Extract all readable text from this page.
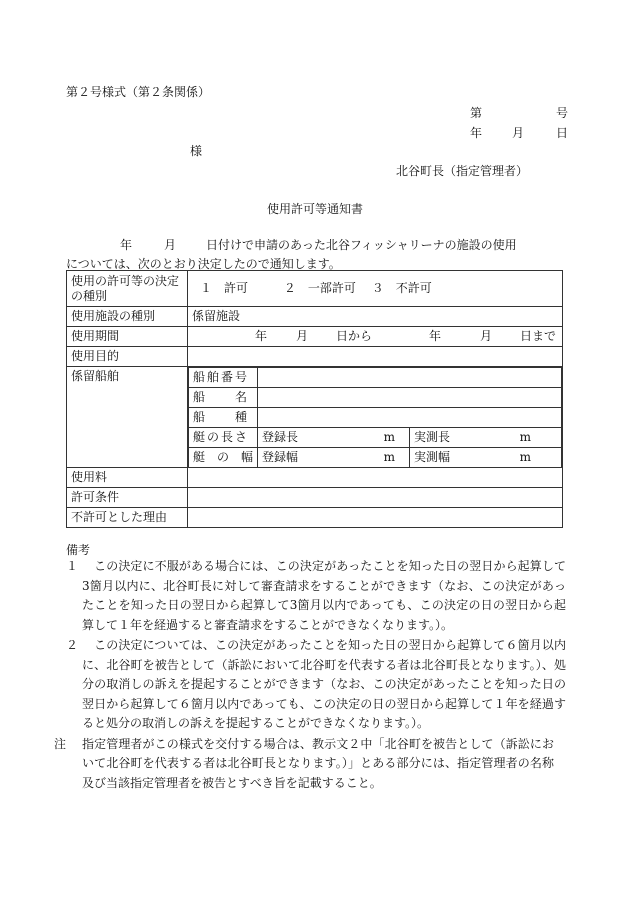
第２号様式（第２条関係）
第	号
年 月	日
様
北谷町長（指定管理者）
使用許可等通知書
年	月 日付けで申請のあった北谷フィッシャリーナの施設の使用
については、次のとおり決定したので通知します。
使用の許可等の決定の種別	１　許可	２　一部許可 ３　不許可
使用施設の種別	係留施設
使用期間	年 月 日から	年	月 日まで

使用目的	
係留船舶		船舶番号	
船　　名	
船　　種	
艇の長さ	登録長	m	実測長	m

艇　の　幅	登録幅	m	実測幅	m

使用料	
許可条件	
不許可とした理由	
備考
１ 　この決定に不服がある場合には、この決定があったことを知った日の翌日から起算して3箇月以内に、北谷町長に対して審査請求をすることができます（なお、この決定があったことを知った日の翌日から起算して3箇月以内であっても、この決定の日の翌日から起算して１年を経過すると審査請求をすることができなくなります。）。
２ 　この決定については、この決定があったことを知った日の翌日から起算して６箇月以内に、北谷町を被告として（訴訟において北谷町を代表する者は北谷町長となります。）、処分の取消しの訴えを提起することができます（なお、この決定があったことを知った日の翌日から起算して６箇月以内であっても、この決定の日の翌日から起算して１年を経過すると処分の取消しの訴えを提起することができなくなります。）。
注 指定管理者がこの様式を交付する場合は、教示文２中「北谷町を被告として（訴訟において北谷町を代表する者は北谷町長となります。）」とある部分には、指定管理者の名称及び当該指定管理者を被告とすべき旨を記載すること。
